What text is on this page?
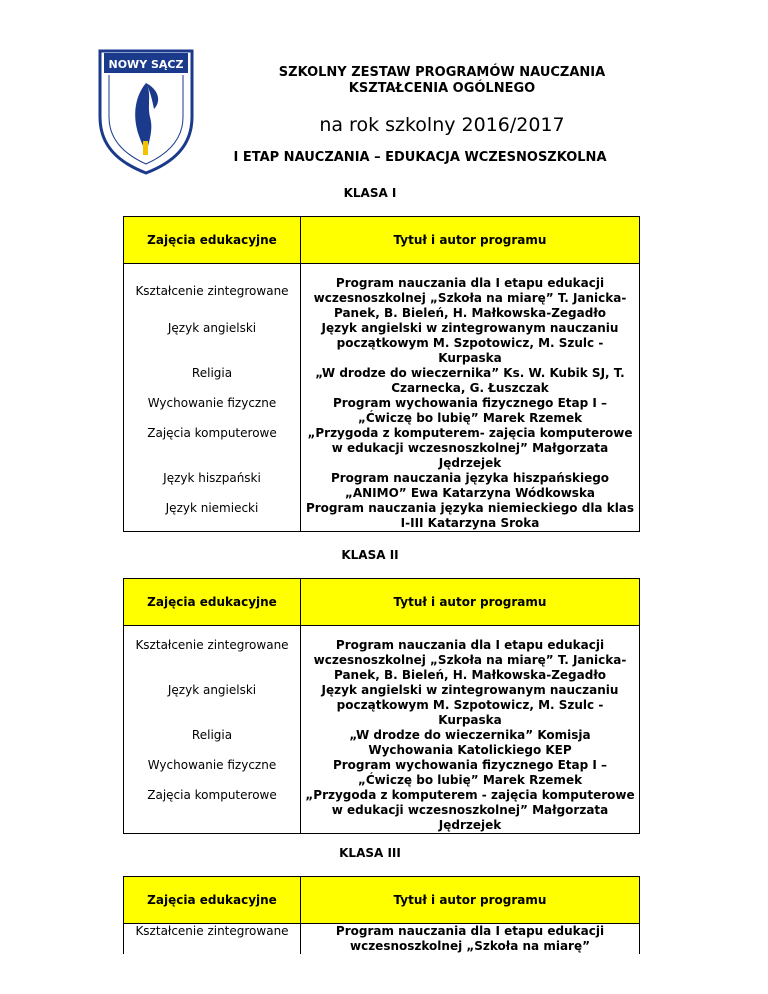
NOWY SĄCZ
SZKOLNY ZESTAW PROGRAMÓW NAUCZANIA
KSZTAŁCENIA OGÓLNEGO
na rok szkolny 2016/2017
I ETAP NAUCZANIA – EDUKACJA WCZESNOSZKOLNA
KLASA I
Zajęcia edukacyjne	Tytuł i autor programu
Kształcenie zintegrowane	Program nauczania dla I etapu edukacji wczesnoszkolnej „Szkoła na miarę” T. Janicka-Panek, B. Bieleń, H. Małkowska-Zegadło
Język angielski	Język angielski w zintegrowanym nauczaniu początkowym M. Szpotowicz, M. Szulc - Kurpaska
Religia	„W drodze do wieczernika” Ks. W. Kubik SJ, T. Czarnecka, G. Łuszczak
Wychowanie fizyczne	Program wychowania fizycznego Etap I – „Ćwiczę bo lubię” Marek Rzemek
Zajęcia komputerowe	„Przygoda z komputerem- zajęcia komputerowe w edukacji wczesnoszkolnej” Małgorzata Jędrzejek
Język hiszpański	Program nauczania języka hiszpańskiego „ANIMO” Ewa Katarzyna Wódkowska
Język niemiecki	Program nauczania języka niemieckiego dla klas I-III Katarzyna Sroka
KLASA II
Zajęcia edukacyjne	Tytuł i autor programu
Kształcenie zintegrowane	Program nauczania dla I etapu edukacji wczesnoszkolnej „Szkoła na miarę” T. Janicka-Panek, B. Bieleń, H. Małkowska-Zegadło
Język angielski	Język angielski w zintegrowanym nauczaniu początkowym M. Szpotowicz, M. Szulc - Kurpaska
Religia	„W drodze do wieczernika” Komisja Wychowania Katolickiego KEP
Wychowanie fizyczne	Program wychowania fizycznego Etap I – „Ćwiczę bo lubię” Marek Rzemek
Zajęcia komputerowe	„Przygoda z komputerem - zajęcia komputerowe w edukacji wczesnoszkolnej” Małgorzata Jędrzejek
KLASA III
Zajęcia edukacyjne	Tytuł i autor programu
Kształcenie zintegrowane	Program nauczania dla I etapu edukacji wczesnoszkolnej „Szkoła na miarę”
